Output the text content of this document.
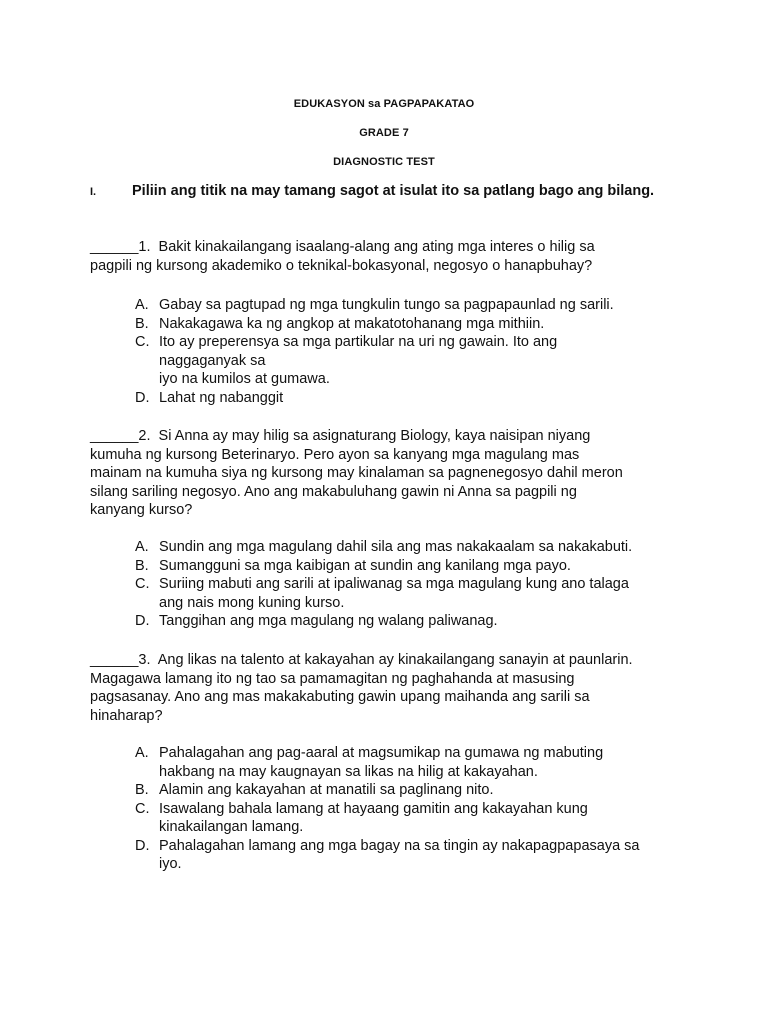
EDUKASYON sa PAGPAPAKATAO
GRADE 7
DIAGNOSTIC TEST
I. Piliin ang titik na may tamang sagot at isulat ito sa patlang bago ang bilang.

______1. Bakit kinakailangang isaalang-alang ang ating mga interes o hilig sa

pagpili ng kursong akademiko o teknikal-bokasyonal, negosyo o hanapbuhay?

A. Gabay sa pagtupad ng mga tungkulin tungo sa pagpapaunlad ng sarili.
B. Nakakagawa ka ng angkop at makatotohanang mga mithiin.
C. Ito ay preperensya sa mga partikular na uri ng gawain. Ito ang
naggaganyak sa
iyo na kumilos at gumawa.
D. Lahat ng nabanggit

______2. Si Anna ay may hilig sa asignaturang Biology, kaya naisipan niyang

kumuha ng kursong Beterinaryo. Pero ayon sa kanyang mga magulang mas

mainam na kumuha siya ng kursong may kinalaman sa pagnenegosyo dahil meron

silang sariling negosyo. Ano ang makabuluhang gawin ni Anna sa pagpili ng

kanyang kurso?

A. Sundin ang mga magulang dahil sila ang mas nakakaalam sa nakakabuti.
B. Sumangguni sa mga kaibigan at sundin ang kanilang mga payo.
C. Suriing mabuti ang sarili at ipaliwanag sa mga magulang kung ano talaga
ang nais mong kuning kurso.
D. Tanggihan ang mga magulang ng walang paliwanag.

______3. Ang likas na talento at kakayahan ay kinakailangang sanayin at paunlarin.

Magagawa lamang ito ng tao sa pamamagitan ng paghahanda at masusing

pagsasanay. Ano ang mas makakabuting gawin upang maihanda ang sarili sa

hinaharap?

A. Pahalagahan ang pag-aaral at magsumikap na gumawa ng mabuting
hakbang na may kaugnayan sa likas na hilig at kakayahan.
B. Alamin ang kakayahan at manatili sa paglinang nito.
C. Isawalang bahala lamang at hayaang gamitin ang kakayahan kung
kinakailangan lamang.
D. Pahalagahan lamang ang mga bagay na sa tingin ay nakapagpapasaya sa
iyo.
